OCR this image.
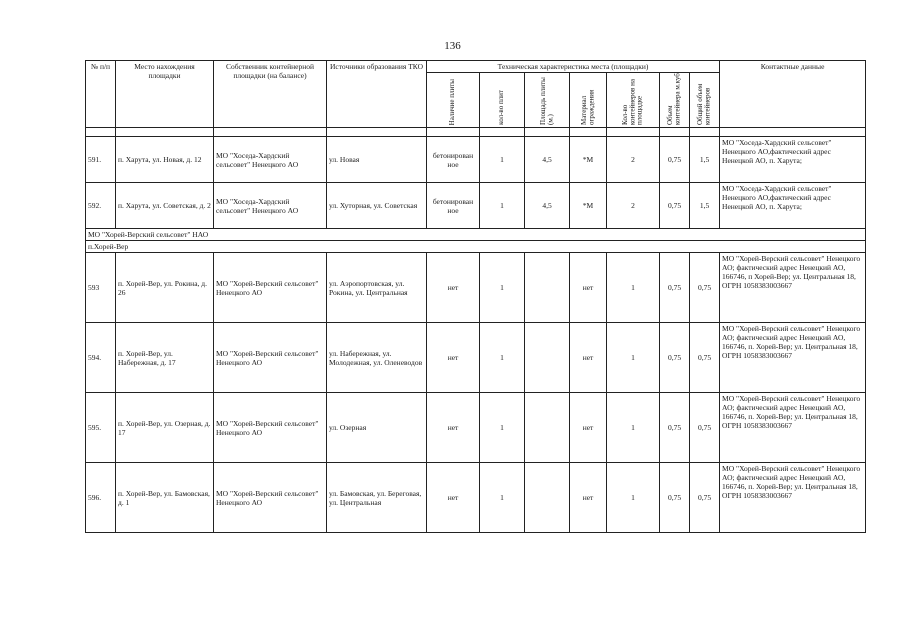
136
№ п/п	Место нахождения площадки	Собственник контейнерной площадки (на балансе)	Источники образования ТКО	Техническая характеристика места (площадки)							Контактные данные
				Наличие плиты	кол-во плит	Площадь плиты (м.)	Материал ограждения	Кол-во контейнеров на площадке	Объем контейнера м.куб	Общий объем контейнеров	

591.	п. Харута, ул. Новая, д. 12	МО "Хоседа-Хардский сельсовет" Ненецкого АО	ул. Новая	бетонирован ное	1	4,5	*М	2	0,75	1,5	МО "Хоседа-Хардский сельсовет" Ненецкого АО,фактический адрес Ненецкой АО, п. Харута;
592.	п. Харута, ул. Советская, д. 2	МО "Хоседа-Хардский сельсовет" Ненецкого АО	ул. Хуторная, ул. Советская	бетонирован ное	1	4,5	*М	2	0,75	1,5	МО "Хоседа-Хардский сельсовет" Ненецкого АО,фактический адрес Ненецкой АО, п. Харута;
МО "Хорей-Верский сельсовет" НАО											
п.Хорей-Вер											
593	п. Хорей-Вер, ул. Рокина, д. 26	МО "Хорей-Верский сельсовет" Ненецкого АО	ул. Аэропортовская, ул. Рокина, ул. Центральная	нет	1		нет	1	0,75	0,75	МО "Хорей-Верский сельсовет" Ненецкого АО; фактический адрес Ненецкий АО, 166746, п Хорей-Вер; ул. Центральная 18, ОГРН 1058383003667
594.	п. Хорей-Вер, ул. Набережная, д. 17	МО "Хорей-Верский сельсовет" Ненецкого АО	ул. Набережная, ул. Молодежная, ул. Оленеводов	нет	1		нет	1	0,75	0,75	МО "Хорей-Верский сельсовет" Ненецкого АО; фактический адрес Ненецкий АО, 166746, п. Хорей-Вер; ул. Центральная 18, ОГРН 1058383003667
595.	п. Хорей-Вер, ул. Озерная, д. 17	МО "Хорей-Верский сельсовет" Ненецкого АО	ул. Озерная	нет	1		нет	1	0,75	0,75	МО "Хорей-Верский сельсовет" Ненецкого АО; фактический адрес Ненецкий АО, 166746, п. Хорей-Вер; ул. Центральная 18, ОГРН 1058383003667
596.	п. Хорей-Вер, ул. Бамовская, д. 1	МО "Хорей-Верский сельсовет" Ненецкого АО	ул. Бамовская, ул. Береговая, ул. Центральная	нет	1		нет	1	0,75	0,75	МО "Хорей-Верский сельсовет" Ненецкого АО; фактический адрес Ненецкий АО, 166746, п. Хорей-Вер; ул. Центральная 18, ОГРН 1058383003667
